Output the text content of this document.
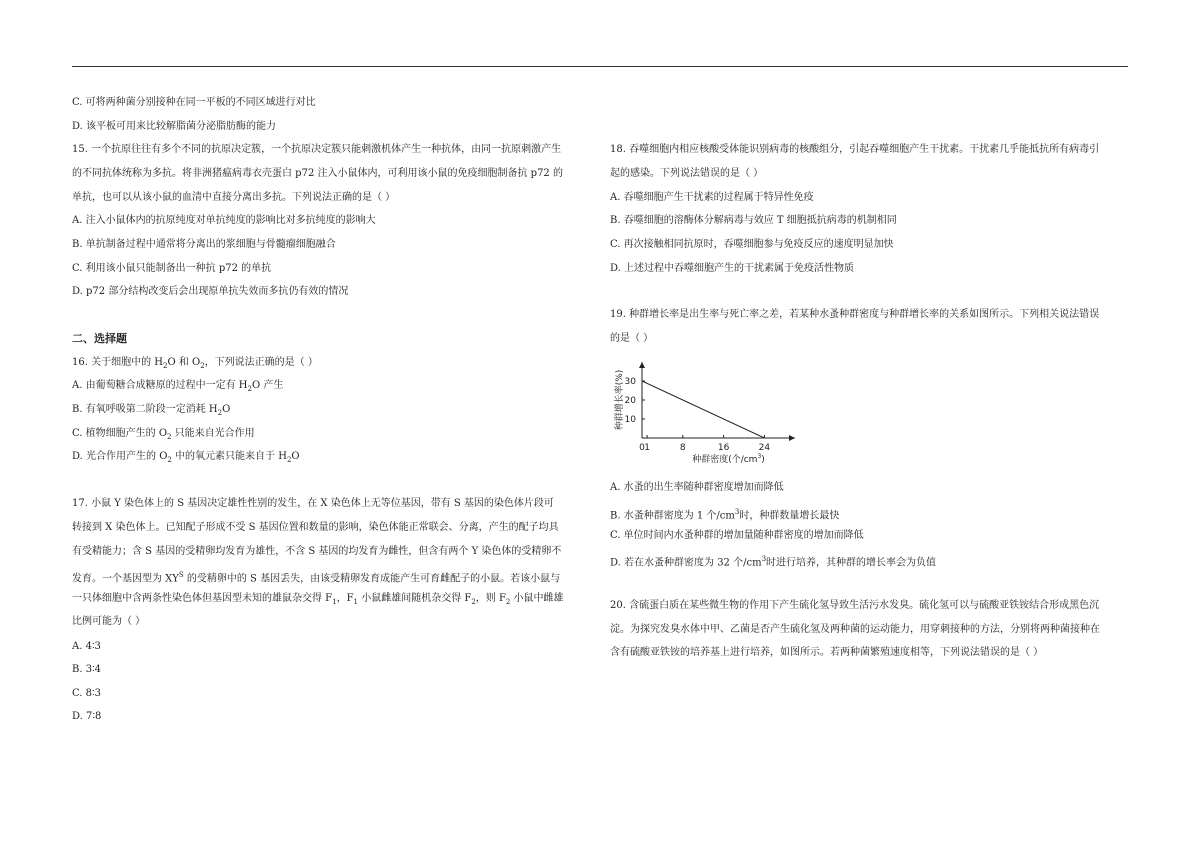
C. 可将两种菌分别接种在同一平板的不同区域进行对比
D. 该平板可用来比较解脂菌分泌脂肪酶的能力
15. 一个抗原往往有多个不同的抗原决定簇，一个抗原决定簇只能刺激机体产生一种抗体，由同一抗原刺激产生
的不同抗体统称为多抗。将非洲猪瘟病毒衣壳蛋白 p72 注入小鼠体内，可利用该小鼠的免疫细胞制备抗 p72 的
单抗，也可以从该小鼠的血清中直接分离出多抗。下列说法正确的是（ ）
A. 注入小鼠体内的抗原纯度对单抗纯度的影响比对多抗纯度的影响大
B. 单抗制备过程中通常将分离出的浆细胞与骨髓瘤细胞融合
C. 利用该小鼠只能制备出一种抗 p72 的单抗
D. p72 部分结构改变后会出现原单抗失效而多抗仍有效的情况
二、选择题
16. 关于细胞中的 $H_2O$ 和 $O_2$，下列说法正确的是（ ）
A. 由葡萄糖合成糖原的过程中一定有 $H_2O$ 产生
B. 有氧呼吸第二阶段一定消耗 $H_2O$
C. 植物细胞产生的 $O_2$ 只能来自光合作用
D. 光合作用产生的 $O_2$ 中的氧元素只能来自于 $H_2O$
17. 小鼠 Y 染色体上的 S 基因决定雄性性别的发生，在 X 染色体上无等位基因，带有 S 基因的染色体片段可
转接到 X 染色体上。已知配子形成不受 S 基因位置和数量的影响，染色体能正常联会、分离，产生的配子均具
有受精能力；含 S 基因的受精卵均发育为雄性，不含 S 基因的均发育为雌性，但含有两个 Y 染色体的受精卵不
发育。一个基因型为 $XY^S$ 的受精卵中的 S 基因丢失，由该受精卵发育成能产生可育雌配子的小鼠。若该小鼠与
一只体细胞中含两条性染色体但基因型未知的雄鼠杂交得 $F_1$，$F_1$ 小鼠雌雄间随机杂交得 $F_2$，则 $F_2$ 小鼠中雌雄
比例可能为（ ）
A. 4∶3
B. 3∶4
C. 8∶3
D. 7∶8
18. 吞噬细胞内相应核酸受体能识别病毒的核酸组分，引起吞噬细胞产生干扰素。干扰素几乎能抵抗所有病毒引
起的感染。下列说法错误的是（ ）
A. 吞噬细胞产生干扰素的过程属于特异性免疫
B. 吞噬细胞的溶酶体分解病毒与效应 T 细胞抵抗病毒的机制相同
C. 再次接触相同抗原时，吞噬细胞参与免疫反应的速度明显加快
D. 上述过程中吞噬细胞产生的干扰素属于免疫活性物质
19. 种群增长率是出生率与死亡率之差，若某种水蚤种群密度与种群增长率的关系如图所示。下列相关说法错误
的是（ ）
0 1	8	16	24
30
20
10
种群增长率(%)
种群密度(个$/cm^3$)
A. 水蚤的出生率随种群密度增加而降低
B. 水蚤种群密度为 1 个$/cm^3$时，种群数量增长最快
C. 单位时间内水蚤种群的增加量随种群密度的增加而降低
D. 若在水蚤种群密度为 32 个$/cm^3$时进行培养，其种群的增长率会为负值
20. 含硫蛋白质在某些微生物的作用下产生硫化氢导致生活污水发臭。硫化氢可以与硫酸亚铁铵结合形成黑色沉
淀。为探究发臭水体中甲、乙菌是否产生硫化氢及两种菌的运动能力，用穿刺接种的方法，分别将两种菌接种在
含有硫酸亚铁铵的培养基上进行培养，如图所示。若两种菌繁殖速度相等，下列说法错误的是（ ）
